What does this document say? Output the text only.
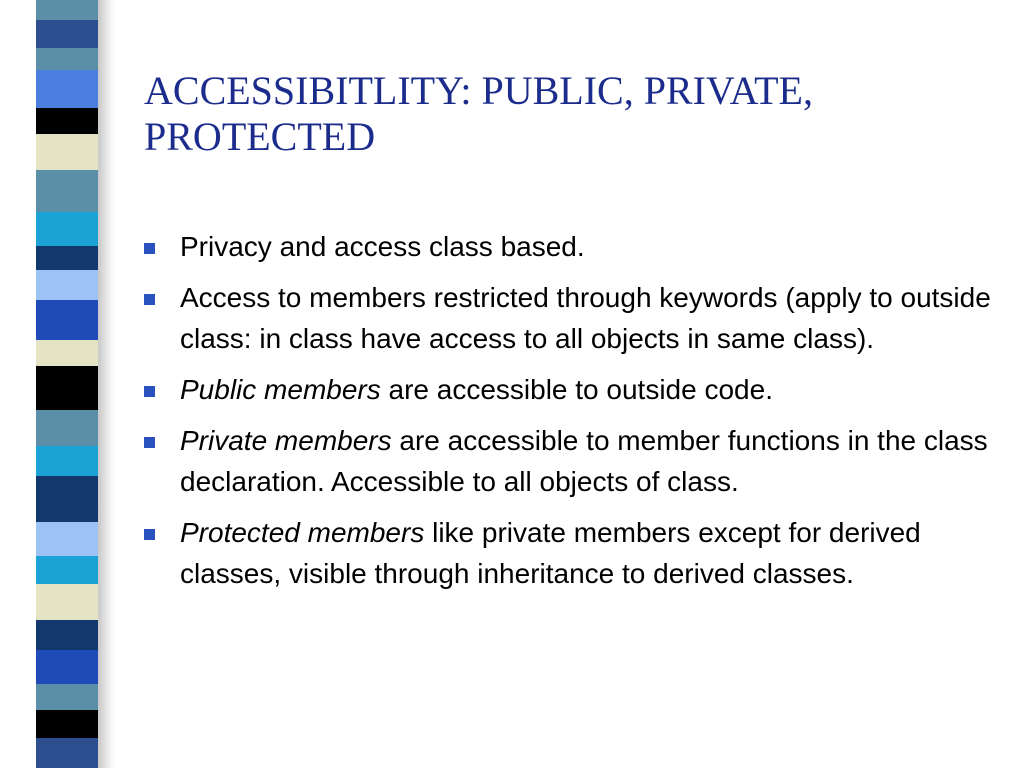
ACCESSIBITLITY: PUBLIC, PRIVATE, PROTECTED
Privacy and access class based.
Access to members restricted through keywords (apply to outside class: in class have access to all objects in same class).
Public members are accessible to outside code.
Private members are accessible to member functions in the class declaration. Accessible to all objects of class.
Protected members like private members except for derived classes, visible through inheritance to derived classes.
